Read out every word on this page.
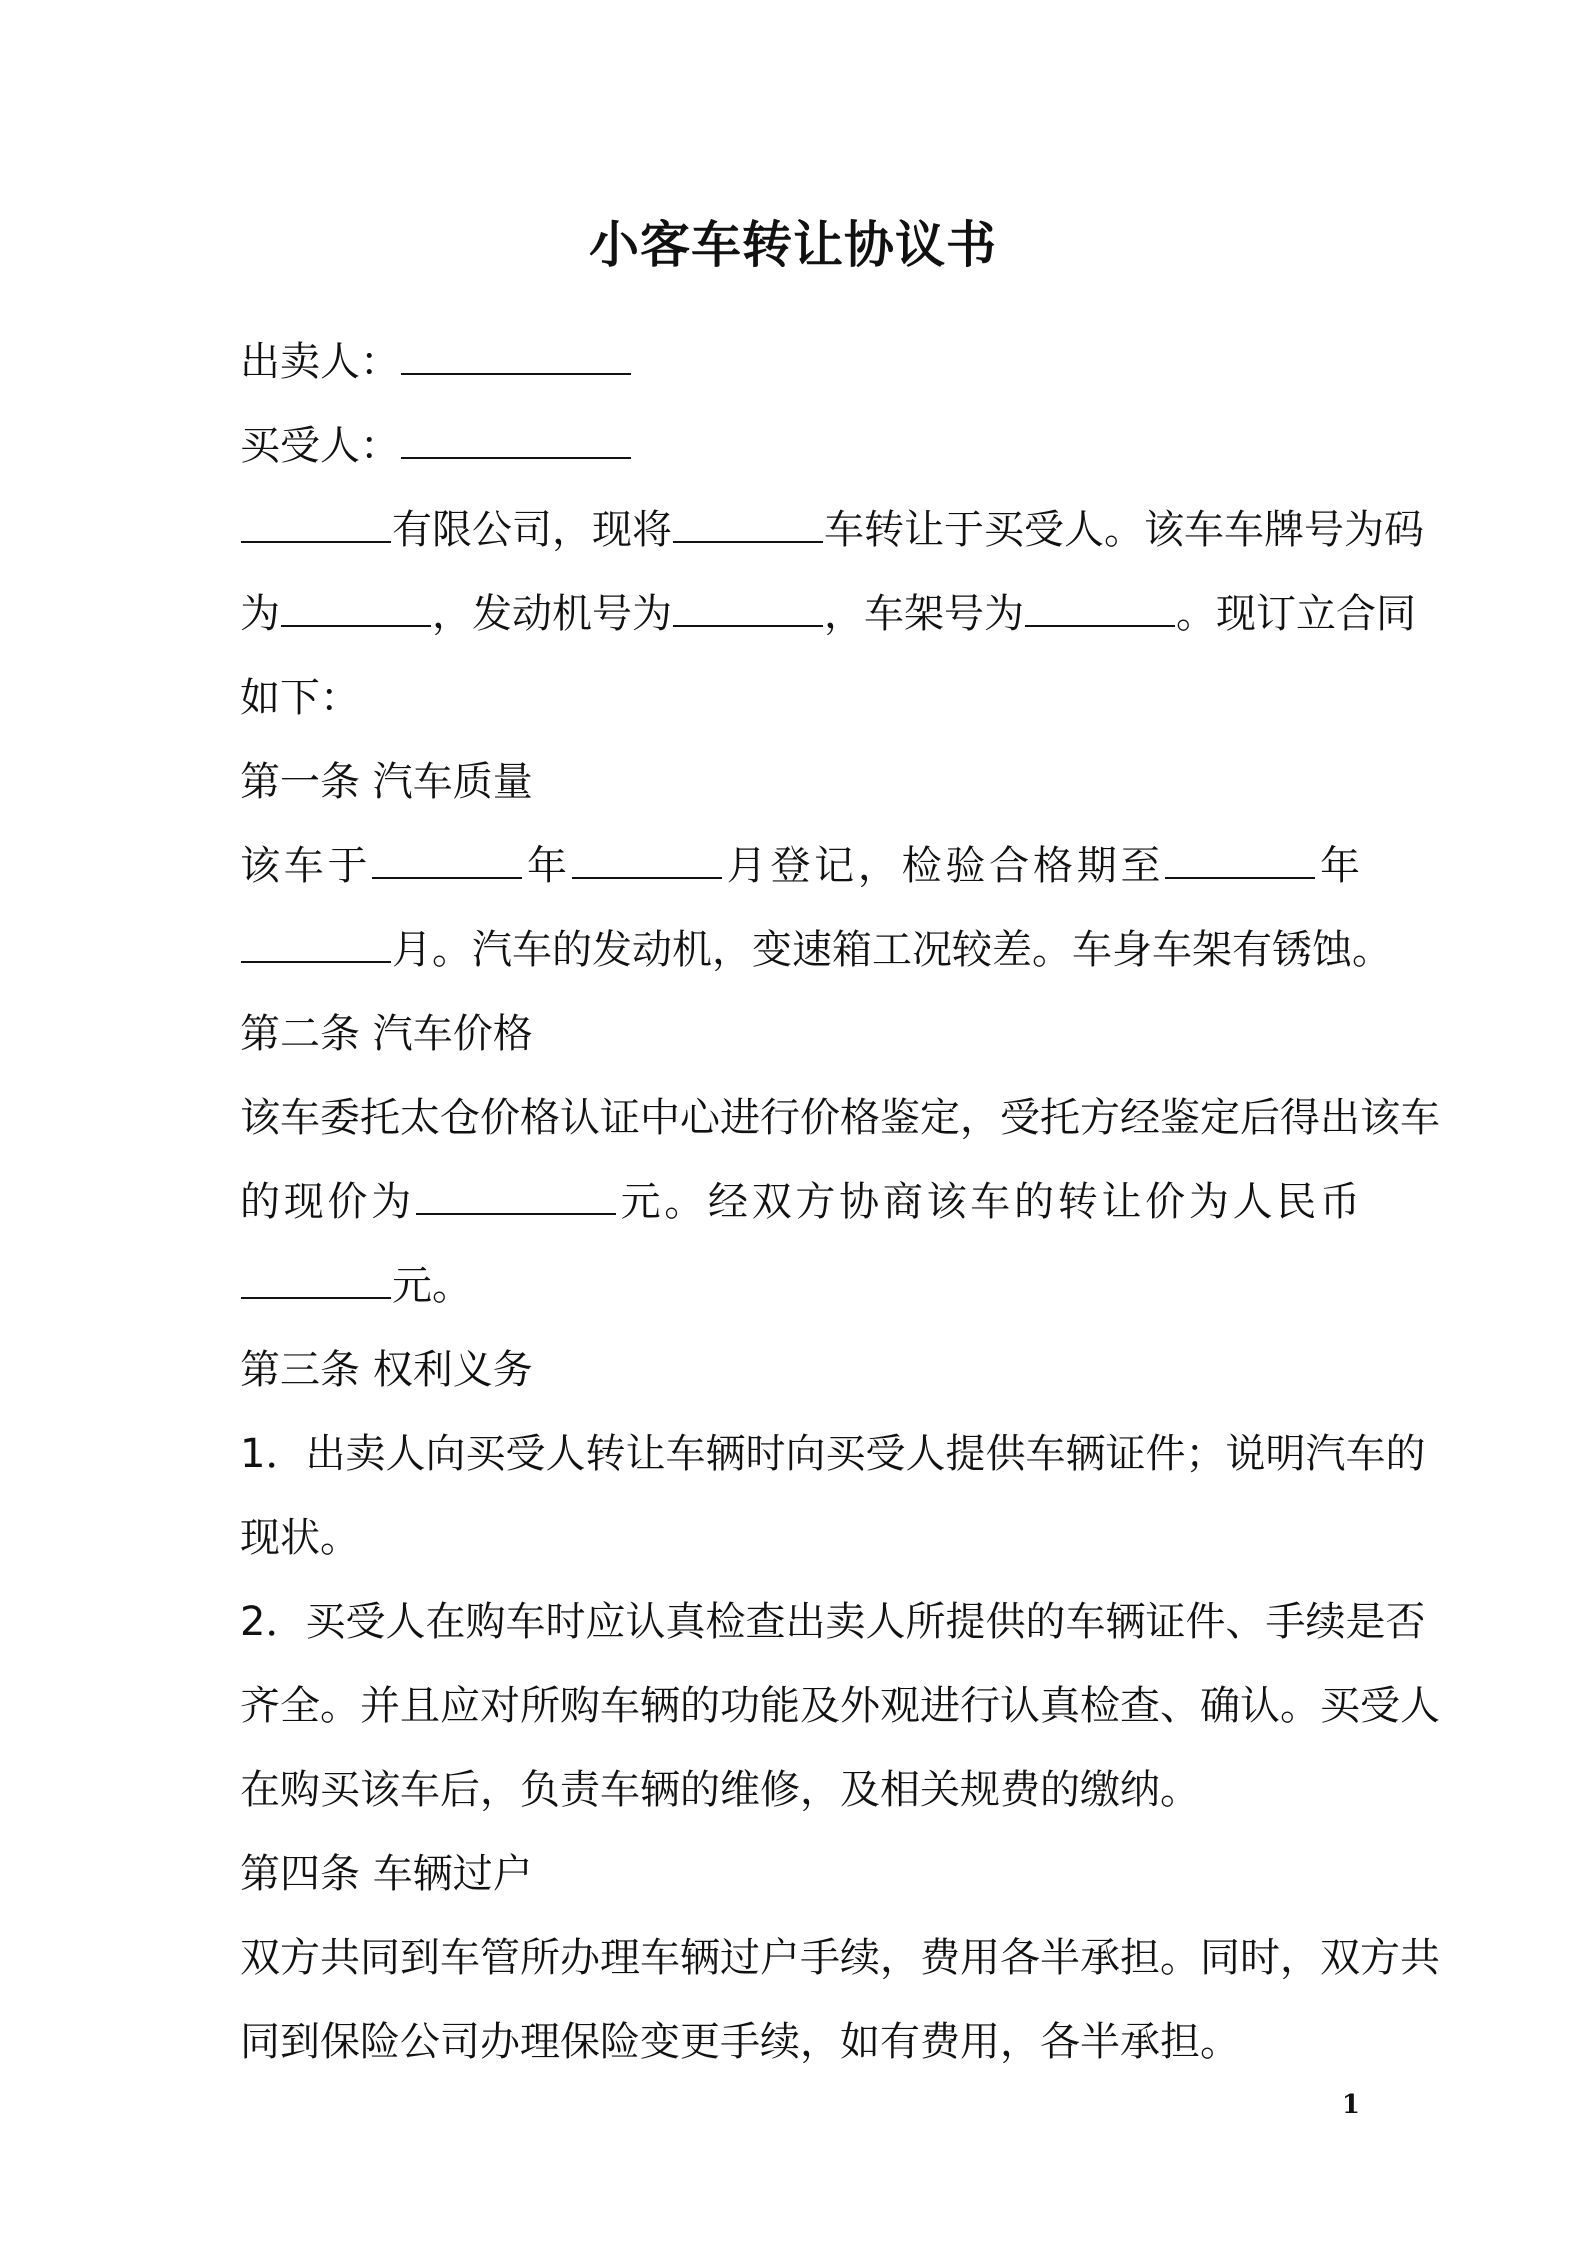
小客车转让协议书
出卖人：
买受人：
有限公司，现将	车转让于买受人。该车车牌号为码
为	，发动机号为	，车架号为	。现订立合同
如下：
第一条 汽车质量
该车于	年	月登记，检验合格期至	年
月。汽车的发动机，变速箱工况较差。车身车架有锈蚀。
第二条 汽车价格
该车委托太仓价格认证中心进行价格鉴定，受托方经鉴定后得出该车
的现价为	元。经双方协商该车的转让价为人民币
元。
第三条 权利义务
1．出卖人向买受人转让车辆时向买受人提供车辆证件；说明汽车的
现状。
2．买受人在购车时应认真检查出卖人所提供的车辆证件、手续是否
齐全。并且应对所购车辆的功能及外观进行认真检查、确认。买受人
在购买该车后，负责车辆的维修，及相关规费的缴纳。
第四条 车辆过户
双方共同到车管所办理车辆过户手续，费用各半承担。同时，双方共
同到保险公司办理保险变更手续，如有费用，各半承担。
1
